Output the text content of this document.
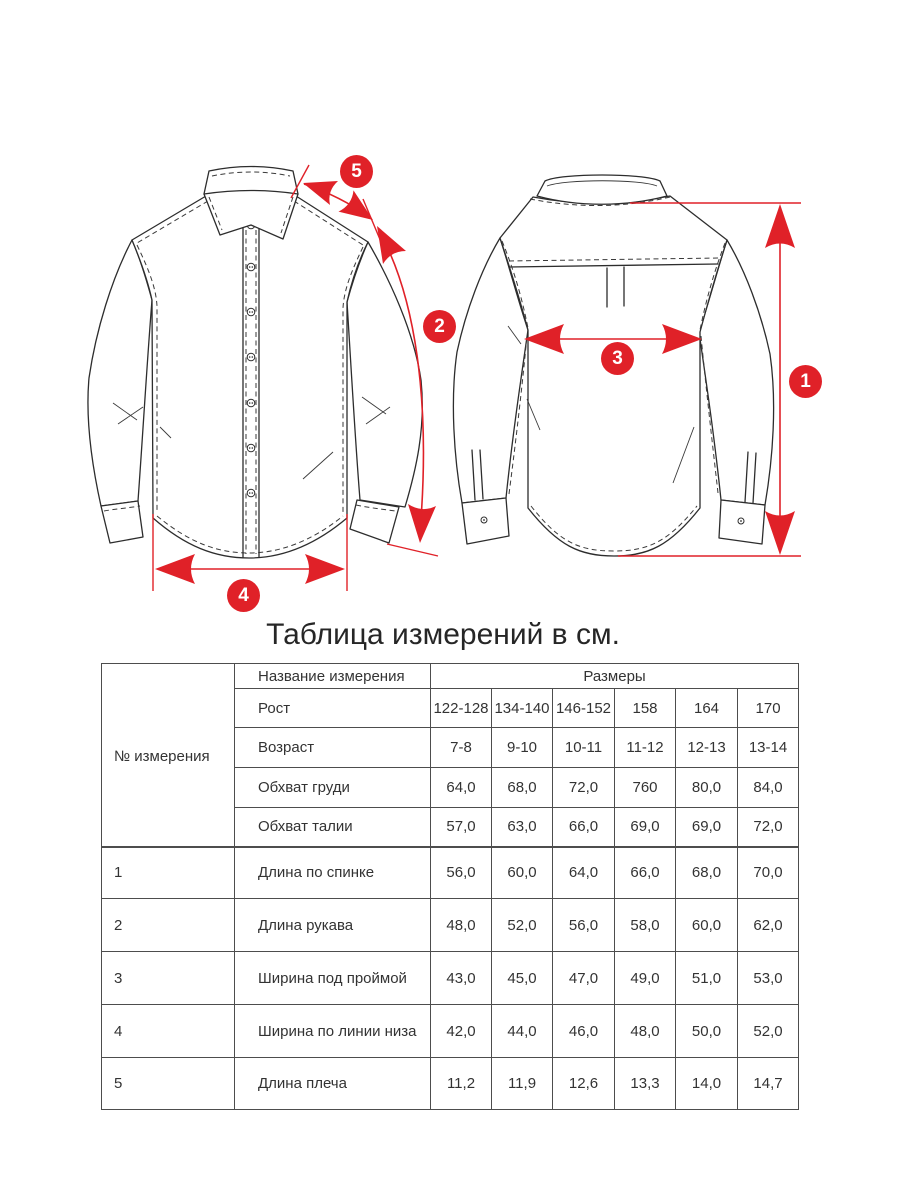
1
2
3
4
5
Таблица измерений в см.
№ измерения	Название измерения	Размеры					
	Рост	122-128	134-140	146-152	158	164	170
	Возраст	7-8	9-10	10-11	11-12	12-13	13-14
	Обхват груди	64,0	68,0	72,0	760	80,0	84,0
	Обхват талии	57,0	63,0	66,0	69,0	69,0	72,0
1	Длина по спинке	56,0	60,0	64,0	66,0	68,0	70,0
2	Длина рукава	48,0	52,0	56,0	58,0	60,0	62,0
3	Ширина под проймой	43,0	45,0	47,0	49,0	51,0	53,0
4	Ширина по линии низа	42,0	44,0	46,0	48,0	50,0	52,0
5	Длина плеча	11,2	11,9	12,6	13,3	14,0	14,7
